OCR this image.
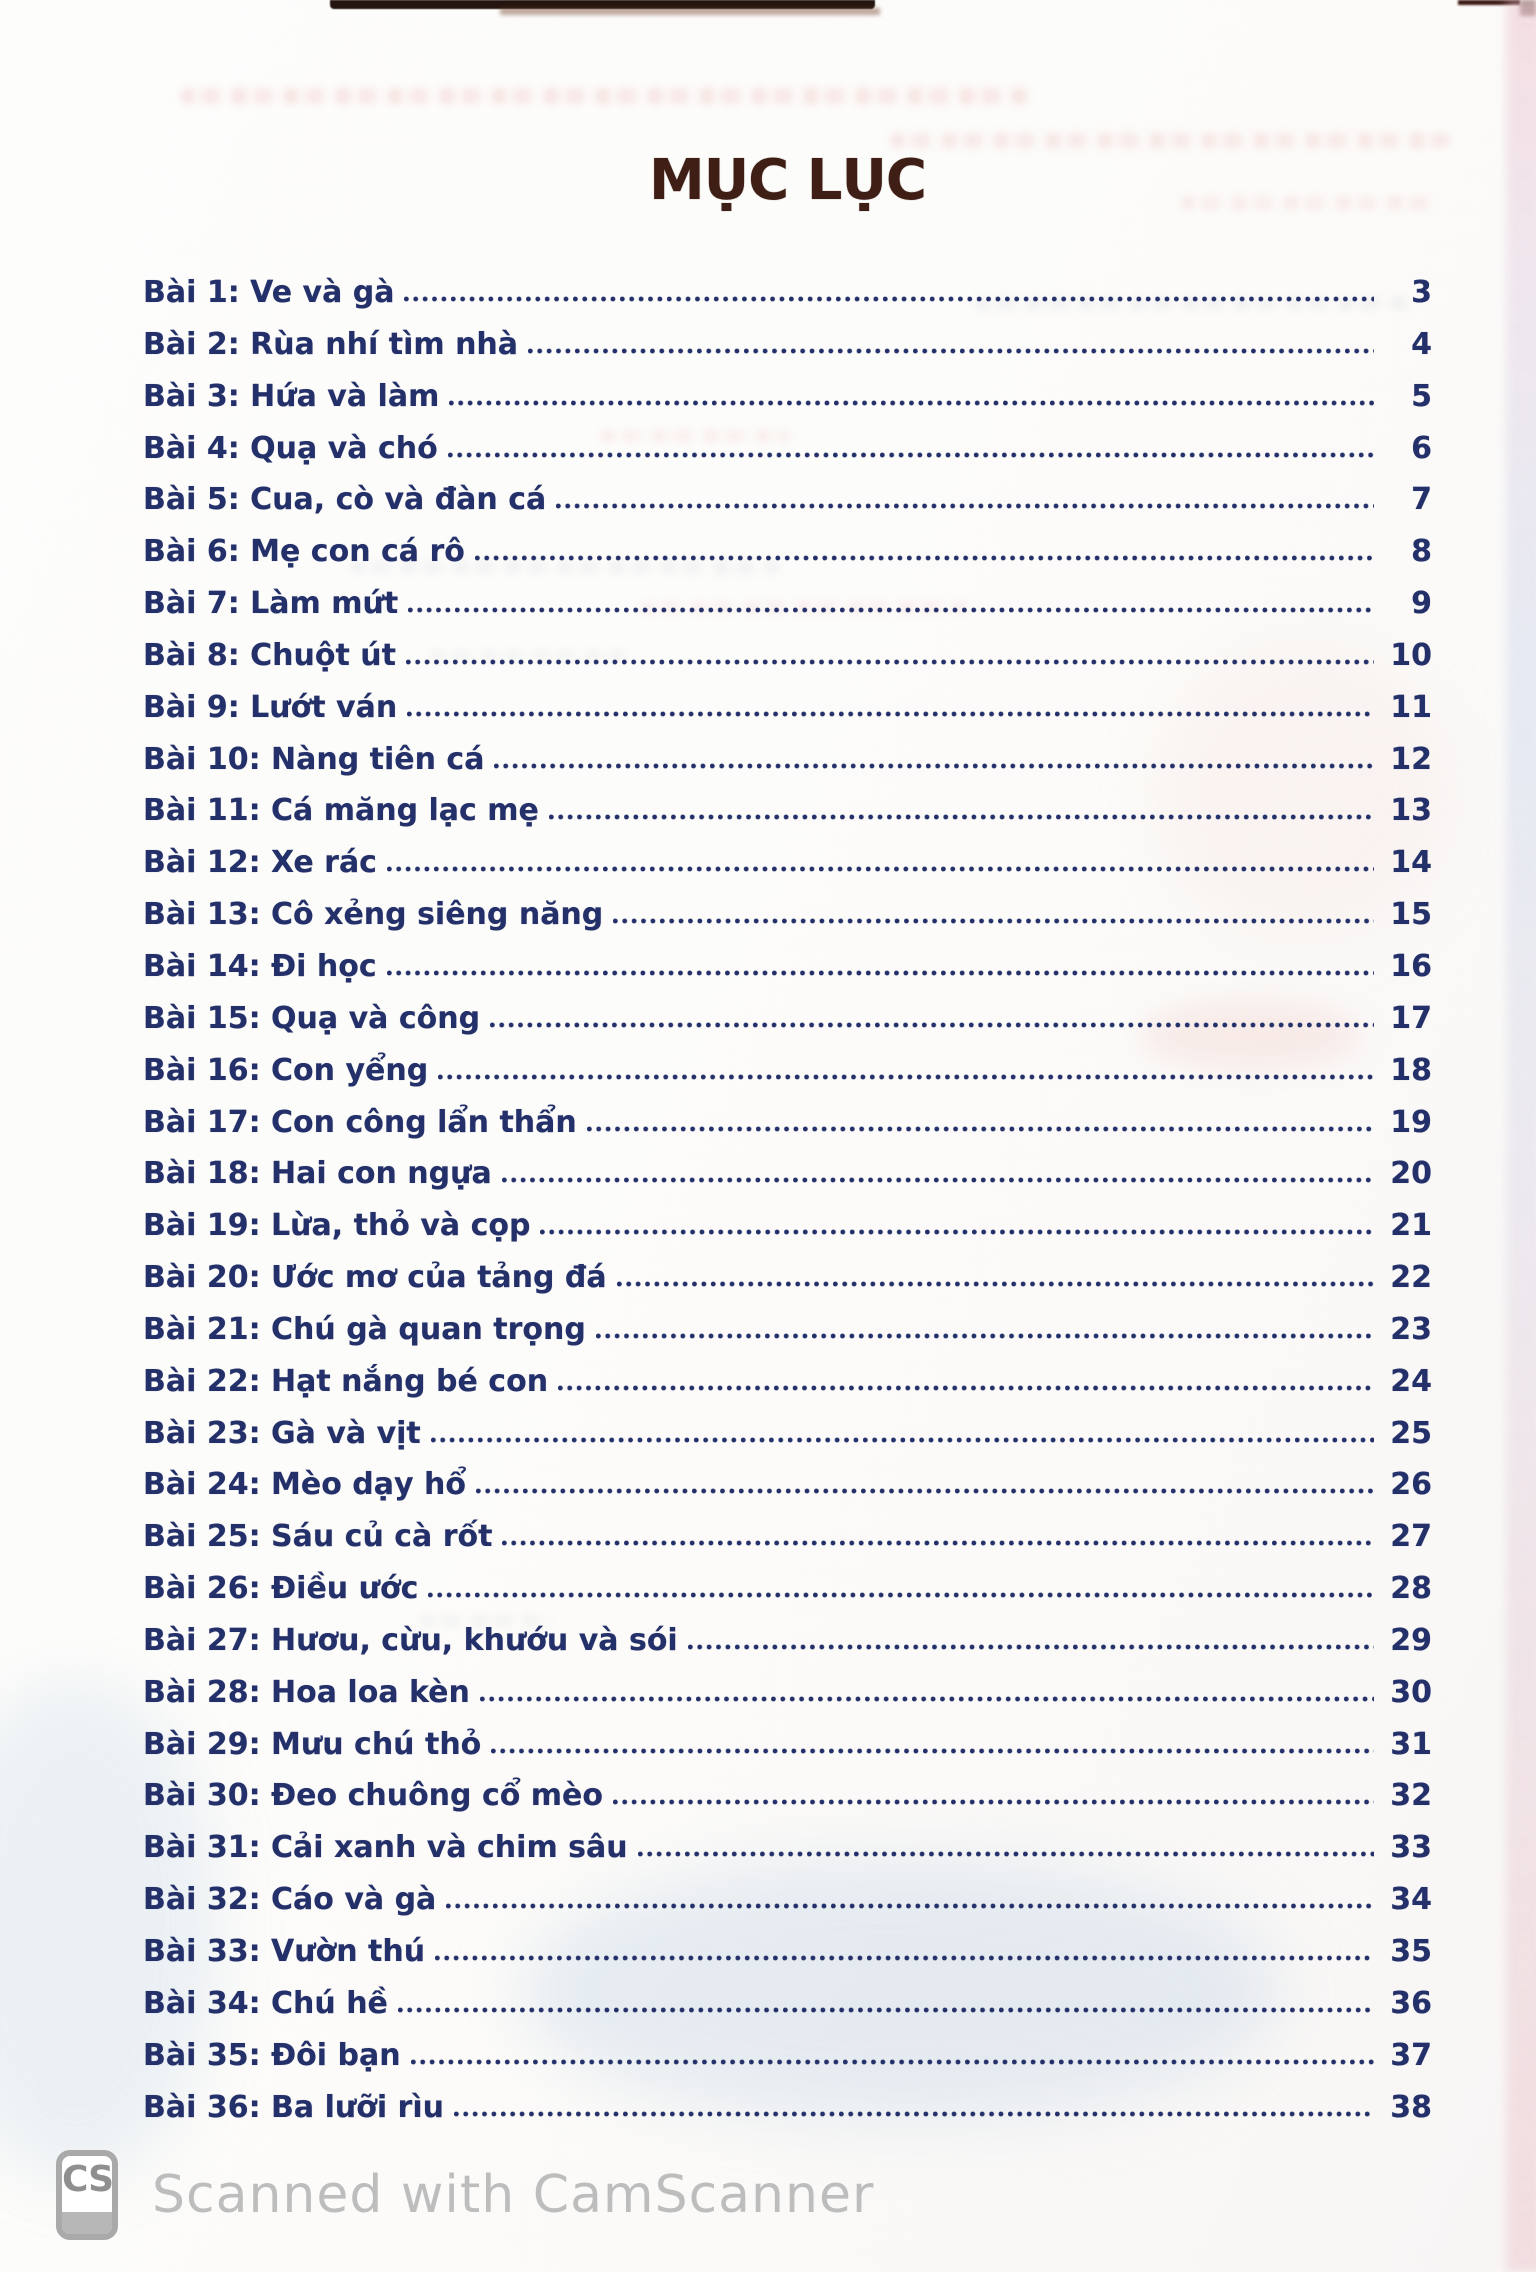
MỤC LỤC
Bài 1: Ve và gà	3
Bài 2: Rùa nhí tìm nhà	4
Bài 3: Hứa và làm	5
Bài 4: Quạ và chó	6
Bài 5: Cua, cò và đàn cá	7
Bài 6: Mẹ con cá rô	8
Bài 7: Làm mứt	9
Bài 8: Chuột út	10
Bài 9: Lướt ván	11
Bài 10: Nàng tiên cá	12
Bài 11: Cá măng lạc mẹ	13
Bài 12: Xe rác	14
Bài 13: Cô xẻng siêng năng	15
Bài 14: Đi học	16
Bài 15: Quạ và công	17
Bài 16: Con yểng	18
Bài 17: Con công lẩn thẩn	19
Bài 18: Hai con ngựa	20
Bài 19: Lừa, thỏ và cọp	21
Bài 20: Ước mơ của tảng đá	22
Bài 21: Chú gà quan trọng	23
Bài 22: Hạt nắng bé con	24
Bài 23: Gà và vịt	25
Bài 24: Mèo dạy hổ	26
Bài 25: Sáu củ cà rốt	27
Bài 26: Điều ước	28
Bài 27: Hươu, cừu, khướu và sói	29
Bài 28: Hoa loa kèn	30
Bài 29: Mưu chú thỏ	31
Bài 30: Đeo chuông cổ mèo	32
Bài 31: Cải xanh và chim sâu	33
Bài 32: Cáo và gà	34
Bài 33: Vườn thú	35
Bài 34: Chú hề	36
Bài 35: Đôi bạn	37
Bài 36: Ba lưỡi rìu	38
CS Scanned with CamScanner
